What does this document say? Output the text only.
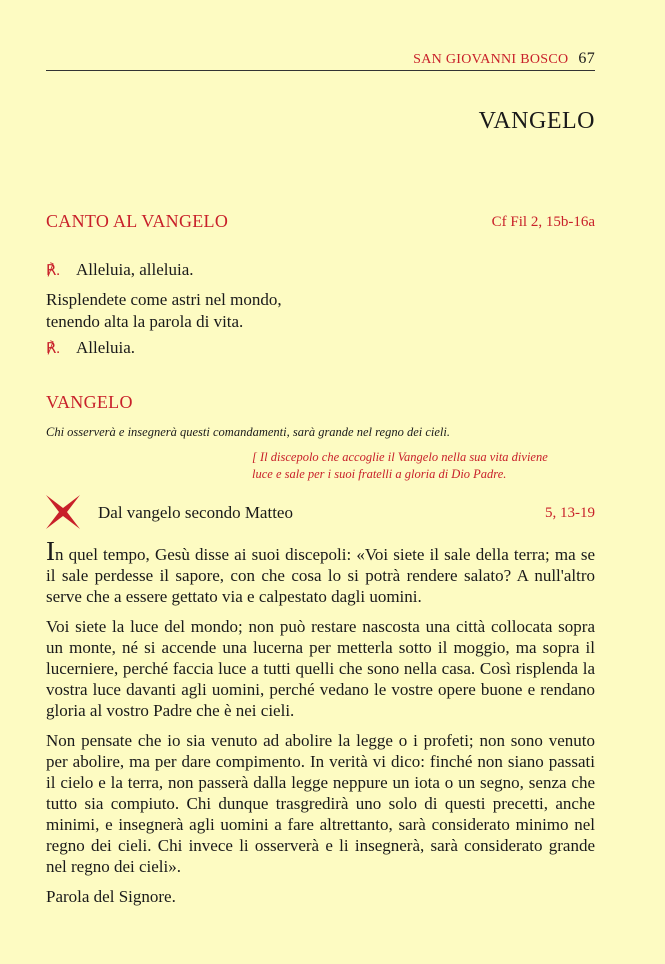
SAN GIOVANNI BOSCO 67
VANGELO
CANTO AL VANGELO	Cf Fil 2, 15b-16a
℟. Alleluia, alleluia.
Risplendete come astri nel mondo,
tenendo alta la parola di vita.
℟. Alleluia.
VANGELO
Chi osserverà e insegnerà questi comandamenti, sarà grande nel regno dei cieli.
[ Il discepolo che accoglie il Vangelo nella sua vita diviene
luce e sale per i suoi fratelli a gloria di Dio Padre.
Dal vangelo secondo Matteo	5, 13-19

In quel tempo, Gesù disse ai suoi discepoli: «Voi siete il sale della terra; ma se il sale perdesse il sapore, con che cosa lo si potrà rendere salato? A null'altro serve che a essere gettato via e calpestato dagli uomini.

Voi siete la luce del mondo; non può restare nascosta una città collocata sopra un monte, né si accende una lucerna per metterla sotto il moggio, ma sopra il lucerniere, perché faccia luce a tutti quelli che sono nella casa. Così risplenda la vostra luce davanti agli uomini, perché vedano le vostre opere buone e rendano gloria al vostro Padre che è nei cieli.

Non pensate che io sia venuto ad abolire la legge o i profeti; non sono venuto per abolire, ma per dare compimento. In verità vi dico: finché non siano passati il cielo e la terra, non passerà dalla legge neppure un iota o un segno, senza che tutto sia compiuto. Chi dunque trasgredirà uno solo di questi precetti, anche minimi, e insegnerà agli uomini a fare altrettanto, sarà considerato minimo nel regno dei cieli. Chi invece li osserverà e li insegnerà, sarà considerato grande nel regno dei cieli».

Parola del Signore.
